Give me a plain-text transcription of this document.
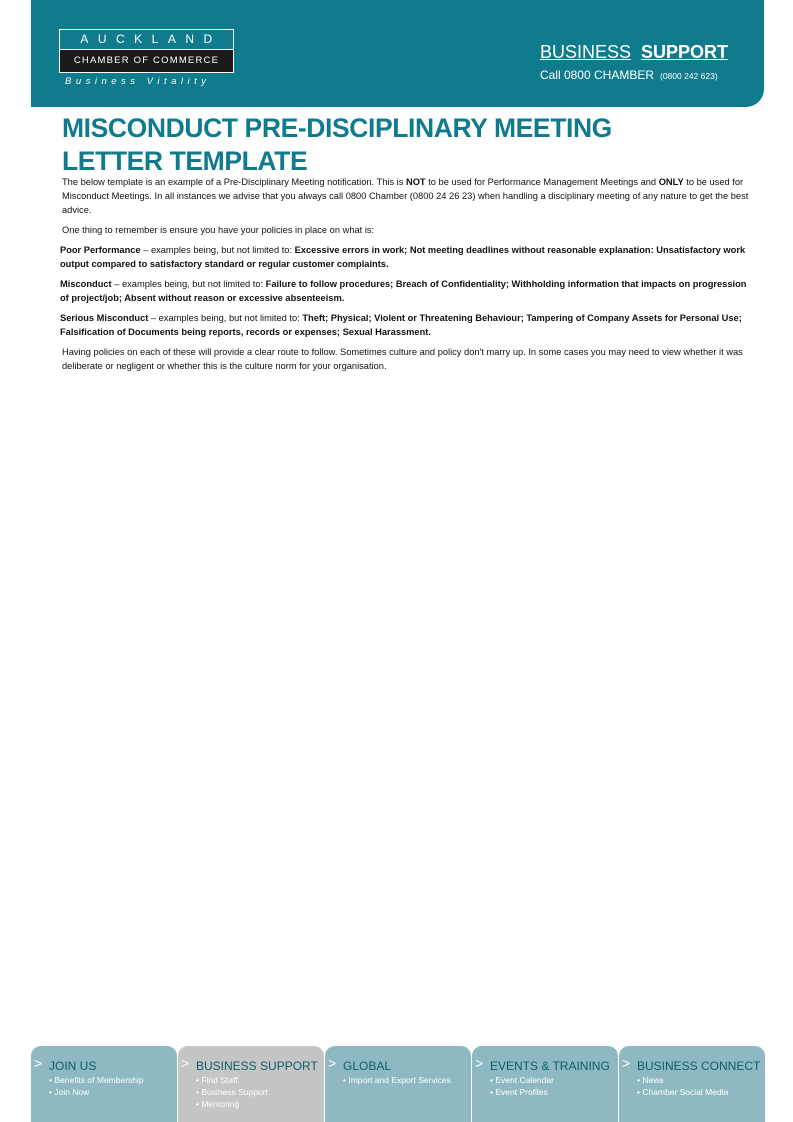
AUCKLAND
CHAMBER OF COMMERCE
Business Vitality
BUSINESS SUPPORT
Call 0800 CHAMBER (0800 242 623)
MISCONDUCT PRE-DISCIPLINARY MEETING
LETTER TEMPLATE

The below template is an example of a Pre-Disciplinary Meeting notification. This is NOT to be used for Performance Management Meetings and ONLY to be used for Misconduct Meetings. In all instances we advise that you always call 0800 Chamber (0800 24 26 23) when handling a disciplinary meeting of any nature to get the best advice.

One thing to remember is ensure you have your policies in place on what is:

Poor Performance – examples being, but not limited to: Excessive errors in work; Not meeting deadlines without reasonable explanation: Unsatisfactory work output compared to satisfactory standard or regular customer complaints.

Misconduct – examples being, but not limited to: Failure to follow procedures; Breach of Confidentiality; Withholding information that impacts on progression of project/job; Absent without reason or excessive absenteeism.

Serious Misconduct – examples being, but not limited to: Theft; Physical; Violent or Threatening Behaviour; Tampering of Company Assets for Personal Use; Falsification of Documents being reports, records or expenses; Sexual Harassment.

Having policies on each of these will provide a clear route to follow. Sometimes culture and policy don't marry up. In some cases you may need to view whether it was deliberate or negligent or whether this is the culture norm for your organisation.

> JOIN US
• Benefits of Membership
• Join Now
> BUSINESS SUPPORT
• Find Staff
• Business Support
• Mentoring
> GLOBAL
• Import and Export Services
> EVENTS & TRAINING
• Event Calendar
• Event Profiles
> BUSINESS CONNECT
• News
• Chamber Social Media
